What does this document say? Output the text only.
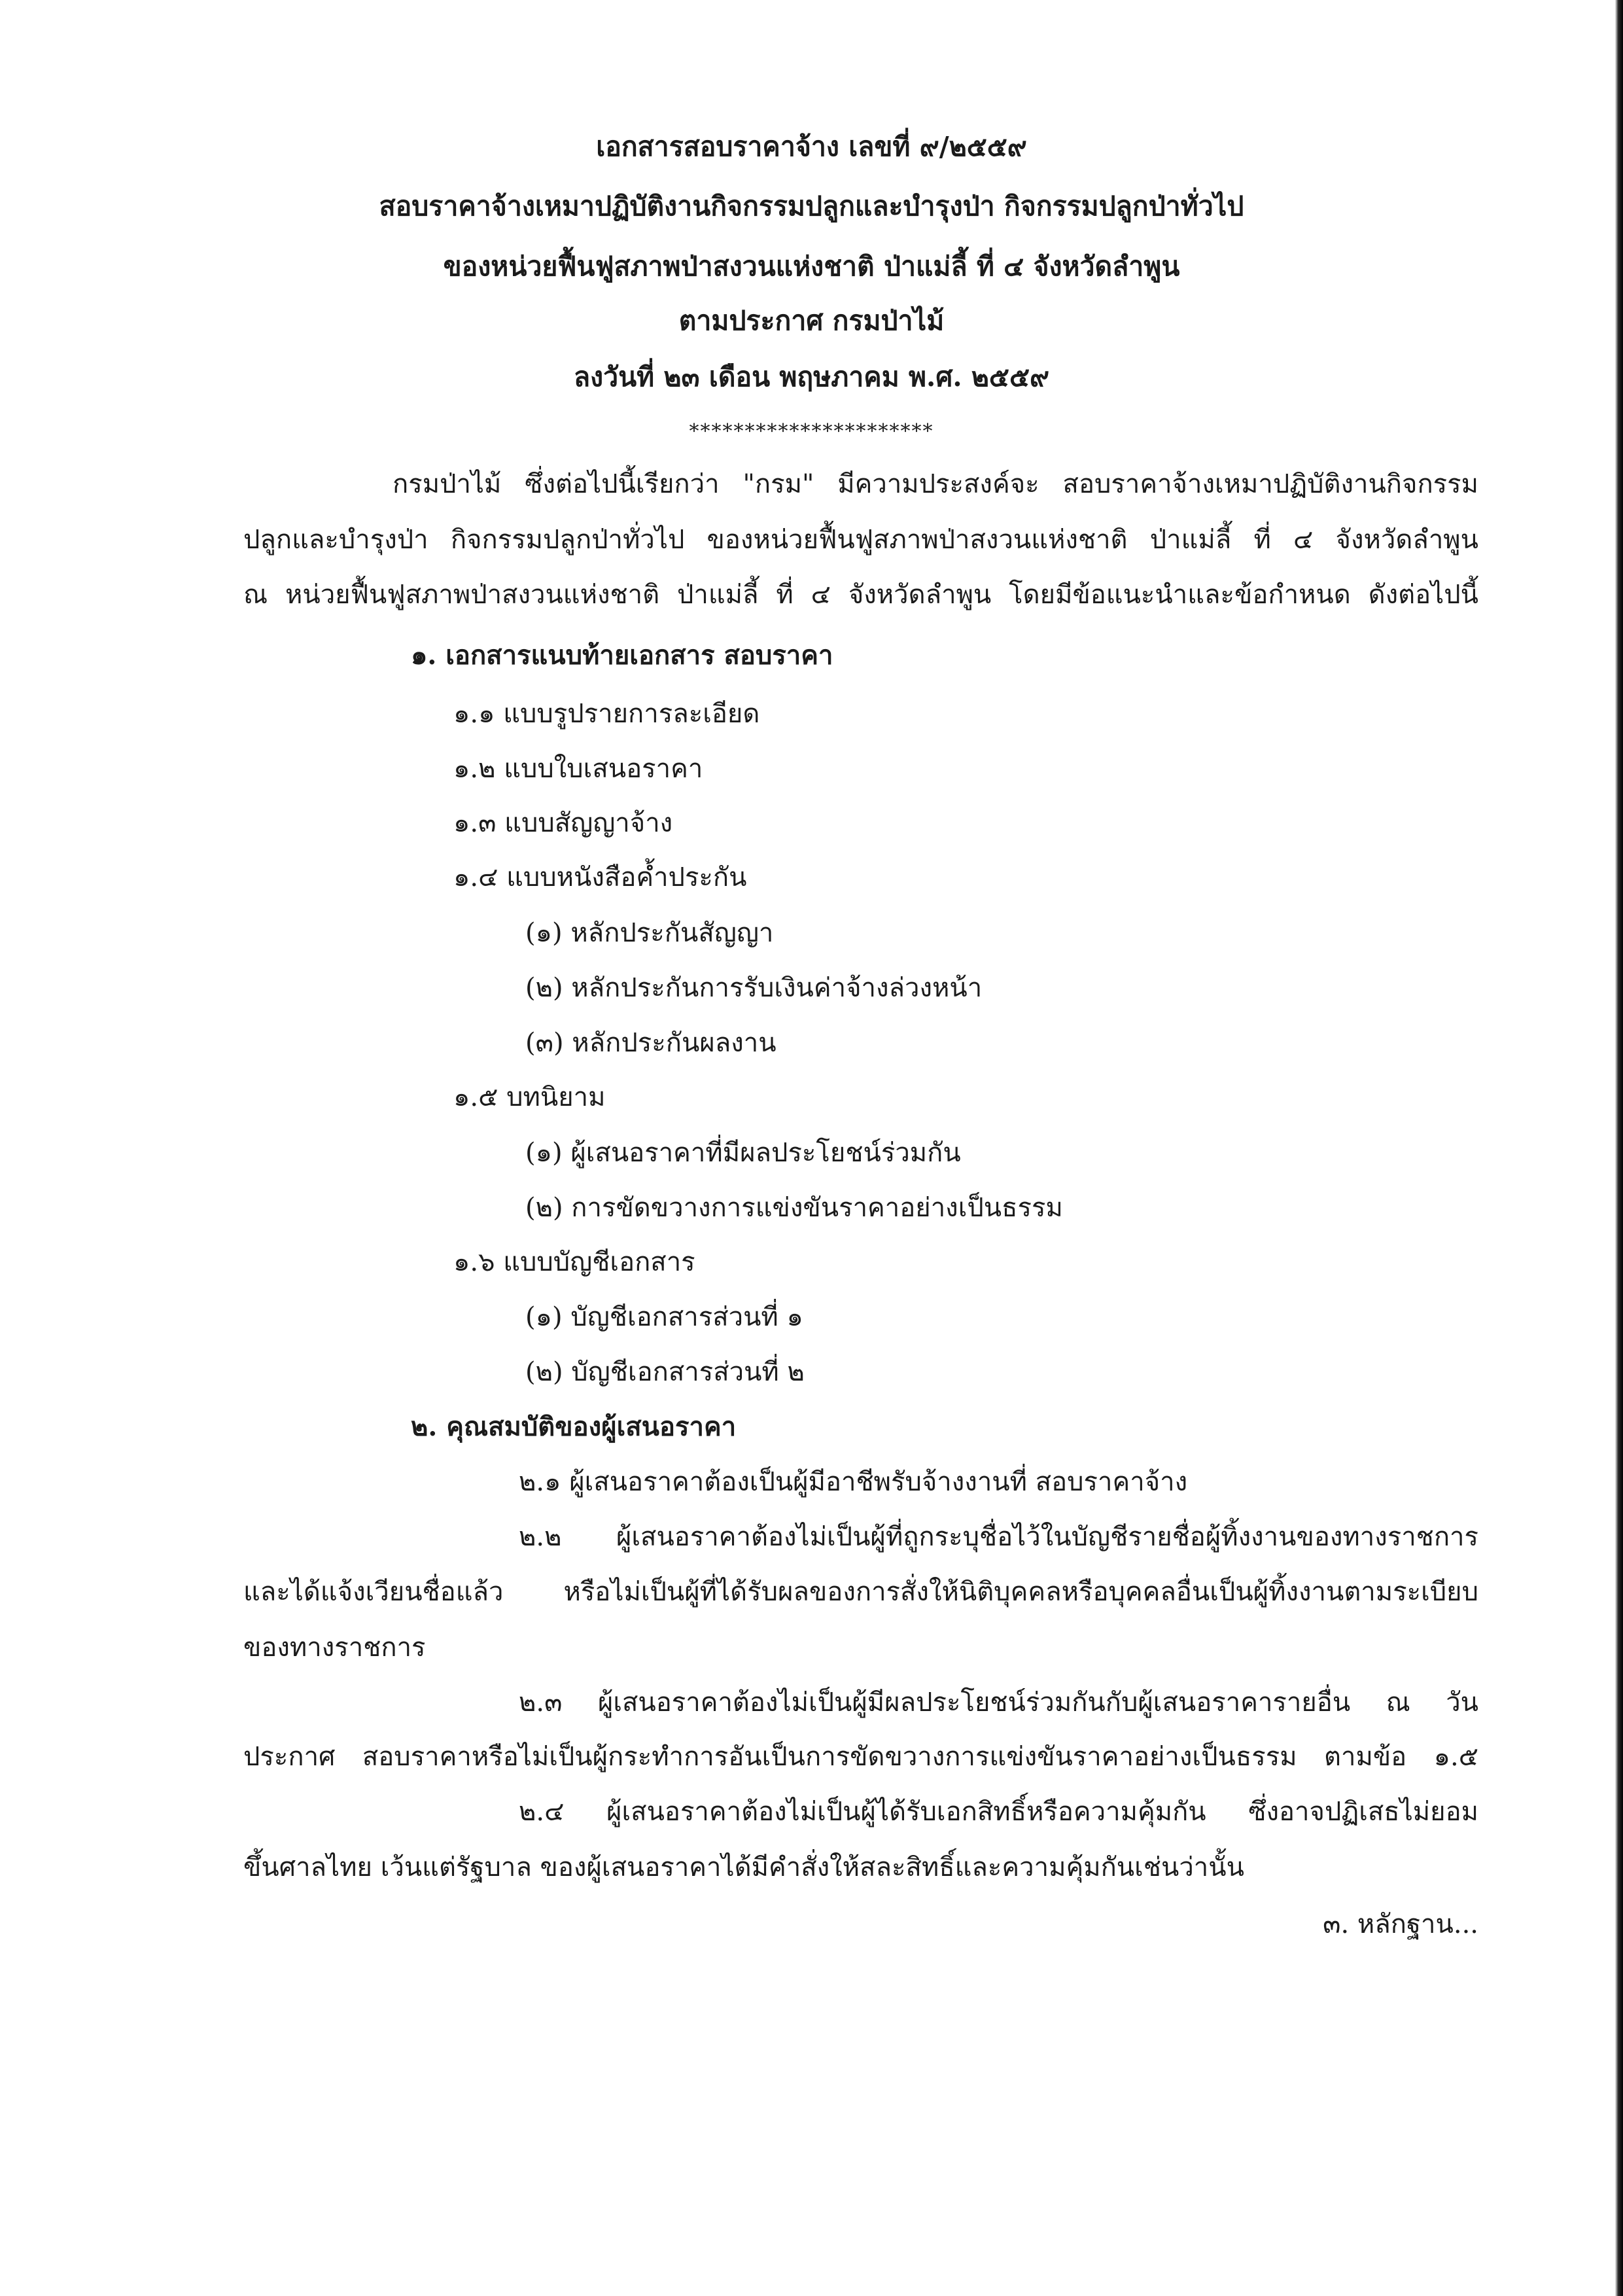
เอกสารสอบราคาจ้าง เลขที่ ๙/๒๕๕๙
สอบราคาจ้างเหมาปฏิบัติงานกิจกรรมปลูกและบำรุงป่า กิจกรรมปลูกป่าทั่วไป
ของหน่วยฟื้นฟูสภาพป่าสงวนแห่งชาติ ป่าแม่ลี้ ที่ ๔ จังหวัดลำพูน
ตามประกาศ กรมป่าไม้
ลงวันที่ ๒๓ เดือน พฤษภาคม พ.ศ. ๒๕๕๙
**********************
กรมป่าไม้ ซึ่งต่อไปนี้เรียกว่า "กรม" มีความประสงค์จะ สอบราคาจ้างเหมาปฏิบัติงานกิจกรรม
ปลูกและบำรุงป่า กิจกรรมปลูกป่าทั่วไป ของหน่วยฟื้นฟูสภาพป่าสงวนแห่งชาติ ป่าแม่ลี้ ที่ ๔ จังหวัดลำพูน
ณ หน่วยฟื้นฟูสภาพป่าสงวนแห่งชาติ ป่าแม่ลี้ ที่ ๔ จังหวัดลำพูน โดยมีข้อแนะนำและข้อกำหนด ดังต่อไปนี้
๑. เอกสารแนบท้ายเอกสาร สอบราคา
๑.๑ แบบรูปรายการละเอียด
๑.๒ แบบใบเสนอราคา
๑.๓ แบบสัญญาจ้าง
๑.๔ แบบหนังสือค้ำประกัน
(๑) หลักประกันสัญญา
(๒) หลักประกันการรับเงินค่าจ้างล่วงหน้า
(๓) หลักประกันผลงาน
๑.๕ บทนิยาม
(๑) ผู้เสนอราคาที่มีผลประโยชน์ร่วมกัน
(๒) การขัดขวางการแข่งขันราคาอย่างเป็นธรรม
๑.๖ แบบบัญชีเอกสาร
(๑) บัญชีเอกสารส่วนที่ ๑
(๒) บัญชีเอกสารส่วนที่ ๒
๒. คุณสมบัติของผู้เสนอราคา
๒.๑ ผู้เสนอราคาต้องเป็นผู้มีอาชีพรับจ้างงานที่ สอบราคาจ้าง
๒.๒ ผู้เสนอราคาต้องไม่เป็นผู้ที่ถูกระบุชื่อไว้ในบัญชีรายชื่อผู้ทิ้งงานของทางราชการ
และได้แจ้งเวียนชื่อแล้ว หรือไม่เป็นผู้ที่ได้รับผลของการสั่งให้นิติบุคคลหรือบุคคลอื่นเป็นผู้ทิ้งงานตามระเบียบ
ของทางราชการ
๒.๓ ผู้เสนอราคาต้องไม่เป็นผู้มีผลประโยชน์ร่วมกันกับผู้เสนอราคารายอื่น ณ วัน
ประกาศ สอบราคาหรือไม่เป็นผู้กระทำการอันเป็นการขัดขวางการแข่งขันราคาอย่างเป็นธรรม ตามข้อ ๑.๕
๒.๔ ผู้เสนอราคาต้องไม่เป็นผู้ได้รับเอกสิทธิ์หรือความคุ้มกัน ซึ่งอาจปฏิเสธไม่ยอม
ขึ้นศาลไทย เว้นแต่รัฐบาล ของผู้เสนอราคาได้มีคำสั่งให้สละสิทธิ์และความคุ้มกันเช่นว่านั้น
๓. หลักฐาน...
